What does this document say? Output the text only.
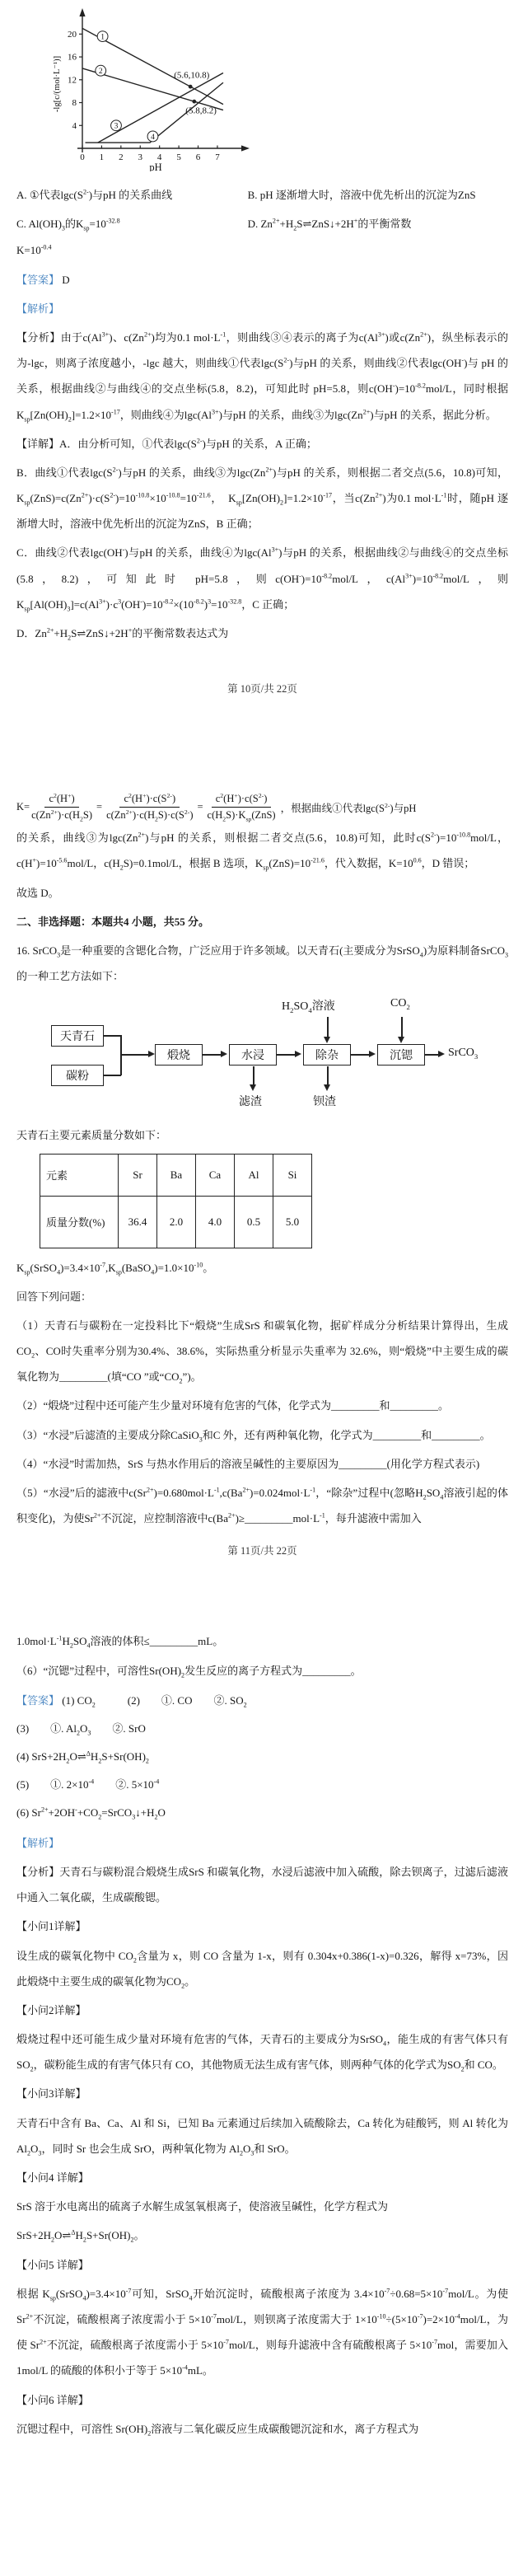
4
8
12
16
20
0 1 2 3 4 5 6 7
pH
-lg[c/(mol·L⁻¹)]
1
2
3
4
(5.6,10.8)
(5.8,8.2)
A. ①代表$\lg c(S^{2-})$与pH 的关系曲线	B. pH 逐渐增大时，溶液中优先析出的沉淀为ZnS
C. $Al(OH)_3$的$K_{sp}=10^{-32.8}$	D. $Zn^{2+}+H_2S\rightleftharpoons ZnS↓+2H^+$的平衡常数
$K=10^{-0.4}$
【答案】 D
【解析】
【分析】由于$c(Al^{3+})$、$c(Zn^{2+})$均为0.1 $mol\cdot L^{-1}$，则曲线③④表示的离子为$c(Al^{3+})$或$c(Zn^{2+})$，纵坐标表示的为-lgc，则离子浓度越小，-lgc 越大，则曲线①代表$\lg c(S^{2-})$与pH 的关系，则曲线②代表lgc(OH-)与 pH 的关系，根据曲线②与曲线④的交点坐标(5.8，8.2)，可知此时 pH=5.8，则$c(OH^-)=10^{-8.2}mol/L$，同时根据$K_{sp}[Zn(OH)_2]=1.2\times 10^{-17}$，则曲线④为$\lg c(Al^{3+})$与pH 的关系，曲线③为$\lg c(Zn^{2+})$与pH 的关系，据此分析。
【详解】A．由分析可知，①代表$\lg c(S^{2-})$与pH 的关系，A 正确；
B．曲线①代表$\lg c(S^{2-})$与pH 的关系，曲线③为$\lg c(Zn^{2+})$与pH 的关系，则根据二者交点(5.6，10.8)可知，$K_{sp}(ZnS)=c(Zn^{2+})\cdot c(S^{2-})=10^{-10.8}\times 10^{-10.8}=10^{-21.6}$，　$K_{sp}[Zn(OH)_2]=1.2\times 10^{-17}$，当$c(Zn^{2+})$为0.1 $mol\cdot L^{-1}$时，随pH 逐渐增大时，溶液中优先析出的沉淀为ZnS，B 正确；
C．曲线②代表lgc(OH-)与pH 的关系，曲线④为$\lg c(Al^{3+})$与pH 的关系，根据曲线②与曲线④的交点坐标(5.8，8.2)，可知此时 pH=5.8，则$c(OH^-)=10^{-8.2}mol/L$，$c(Al^{3+})=10^{-8.2}mol/L$，则$K_{sp}[Al(OH)_3]=c(Al^{3+})\cdot c^3(OH^-)=10^{-8.2}\times(10^{-8.2})^3=10^{-32.8}$，C 正确；
D．$Zn^{2+}+H_2S\rightleftharpoons ZnS↓+2H^+$的平衡常数表达式为
第 10页/共 22页
$K= \frac{c^2(H^+)}{c(Zn^{2+})\cdot c(H_2S)} = \frac{c^2(H^+)\cdot c(S^{2-})}{c(Zn^{2+})\cdot c(H_2S)\cdot c(S^{2-})} = \frac{c^2(H^+)\cdot c(S^{2-})}{c(H_2S)\cdot K_{sp}(ZnS)}$ ，根据曲线①代表$\lg c(S^{2-})$与pH
的关系，曲线③为$\lg c(Zn^{2+})$与pH 的关系，则根据二者交点(5.6，10.8)可知，此时$c(S^{2-})=10^{-10.8}mol/L$，$c(H^+)=10^{-5.6}mol/L$，$c(H_2S)=0.1mol/L$，根据 B 选项，$K_{sp}(ZnS)=10^{-21.6}$，代入数据，$K=10^{0.6}$，D 错误；
故选 D。
二、非选择题：本题共4 小题，共55 分。
16. SrCO$_3$是一种重要的含锶化合物，广泛应用于许多领域。以天青石(主要成分为SrSO$_4$)为原料制备SrCO$_3$的一种工艺方法如下：
天青石
碳粉
煅烧	水浸	除杂	沉锶	SrCO$_3$
$H_2SO_4$溶液	$CO_2$
滤渣	钡渣
天青石主要元素质量分数如下：
元素	Sr	Ba	Ca	Al	Si
质量分数(%)	36.4	2.0	4.0	0.5	5.0
$K_{sp}(SrSO_4)=3.4\times 10^{-7},K_{sp}(BaSO_4)=1.0\times 10^{-10}$。
回答下列问题：
（1）天青石与碳粉在一定投料比下“煅烧”生成SrS 和碳氧化物，据矿样成分分析结果计算得出，生成$CO_2$、CO时失重率分别为30.4%、38.6%，实际热重分析显示失重率为 32.6%，则“煅烧”中主要生成的碳氧化物为_________(填“CO ”或“$CO_2$”)。
（2）“煅烧”过程中还可能产生少量对环境有危害的气体，化学式为_________和_________。
（3）“水浸”后滤渣的主要成分除CaSiO$_3$和C 外，还有两种氧化物，化学式为_________和_________。
（4）“水浸”时需加热，SrS 与热水作用后的溶液呈碱性的主要原因为_________(用化学方程式表示)
（5）“水浸”后的滤液中$c(Sr^{2+})=0.680mol\cdot L^{-1},c(Ba^{2+})=0.024mol\cdot L^{-1}$，“除杂”过程中(忽略$H_2SO_4$溶液引起的体积变化)，为使$Sr^{2+}$不沉淀，应控制溶液中$c(Ba^{2+})\ge\_\_\_\_\_\_\_\_\_mol\cdot L^{-1}$，每升滤液中需加入
第 11页/共 22页
$1.0mol\cdot L^{-1}H_2SO_4$溶液的体积≤_________mL。
（6）“沉锶”过程中，可溶性$Sr(OH)_2$发生反应的离子方程式为_________。
【答案】 (1) $CO_2$　　　(2)　　①. CO　　②. $SO_2$
(3)　　①. $Al_2O_3$　　②. SrO
(4) $SrS+2H_2O\rightleftharpoons^\Delta H_2S+Sr(OH)_2$
(5)　　①. $2\times 10^{-4}$　　②. $5\times 10^{-4}$
(6) $Sr^{2+}+2OH^-+CO_2=SrCO_3↓+H_2O$
【解析】
【分析】天青石与碳粉混合煅烧生成SrS 和碳氧化物，水浸后滤液中加入硫酸，除去钡离子，过滤后滤液中通入二氧化碳，生成碳酸锶。
【小问1详解】
设生成的碳氧化物中 $CO_2$含量为 x，则 CO 含量为 1-x，则有 0.304x+0.386(1-x)=0.326，解得 x=73%，因此煅烧中主要生成的碳氧化物为$CO_2$。
【小问2详解】
煅烧过程中还可能生成少量对环境有危害的气体，天青石的主要成分为SrSO$_4$，能生成的有害气体只有$SO_2$，碳粉能生成的有害气体只有 CO，其他物质无法生成有害气体，则两种气体的化学式为$SO_2$和 CO。
【小问3详解】
天青石中含有 Ba、Ca、Al 和 Si，已知 Ba 元素通过后续加入硫酸除去，Ca 转化为硅酸钙，则 Al 转化为 $Al_2O_3$，同时 Sr 也会生成 SrO，两种氧化物为 $Al_2O_3$和 SrO。
【小问4 详解】
SrS 溶于水电离出的硫离子水解生成氢氧根离子，使溶液呈碱性，化学方程式为
$SrS+2H_2O\rightleftharpoons^\Delta H_2S+Sr(OH)_2$。
【小问5 详解】
根据 $K_{sp}(SrSO_4)=3.4\times 10^{-7}$可知，SrSO$_4$开始沉淀时，硫酸根离子浓度为 $3.4\times 10^{-7}\div 0.68=5\times 10^{-7}mol/L$。为使$Sr^{2+}$不沉淀，硫酸根离子浓度需小于 $5\times 10^{-7}mol/L$，则钡离子浓度需大于 $1\times 10^{-10}\div(5\times 10^{-7})=2\times 10^{-4}mol/L$，为使 $Sr^{2+}$不沉淀，硫酸根离子浓度需小于 $5\times 10^{-7}mol/L$，则每升滤液中含有硫酸根离子 $5\times 10^{-7}mol$，需要加入 1mol/L 的硫酸的体积小于等于 $5\times 10^{-4}mL$。
【小问6 详解】
沉锶过程中，可溶性 $Sr(OH)_2$溶液与二氧化碳反应生成碳酸锶沉淀和水，离子方程式为
